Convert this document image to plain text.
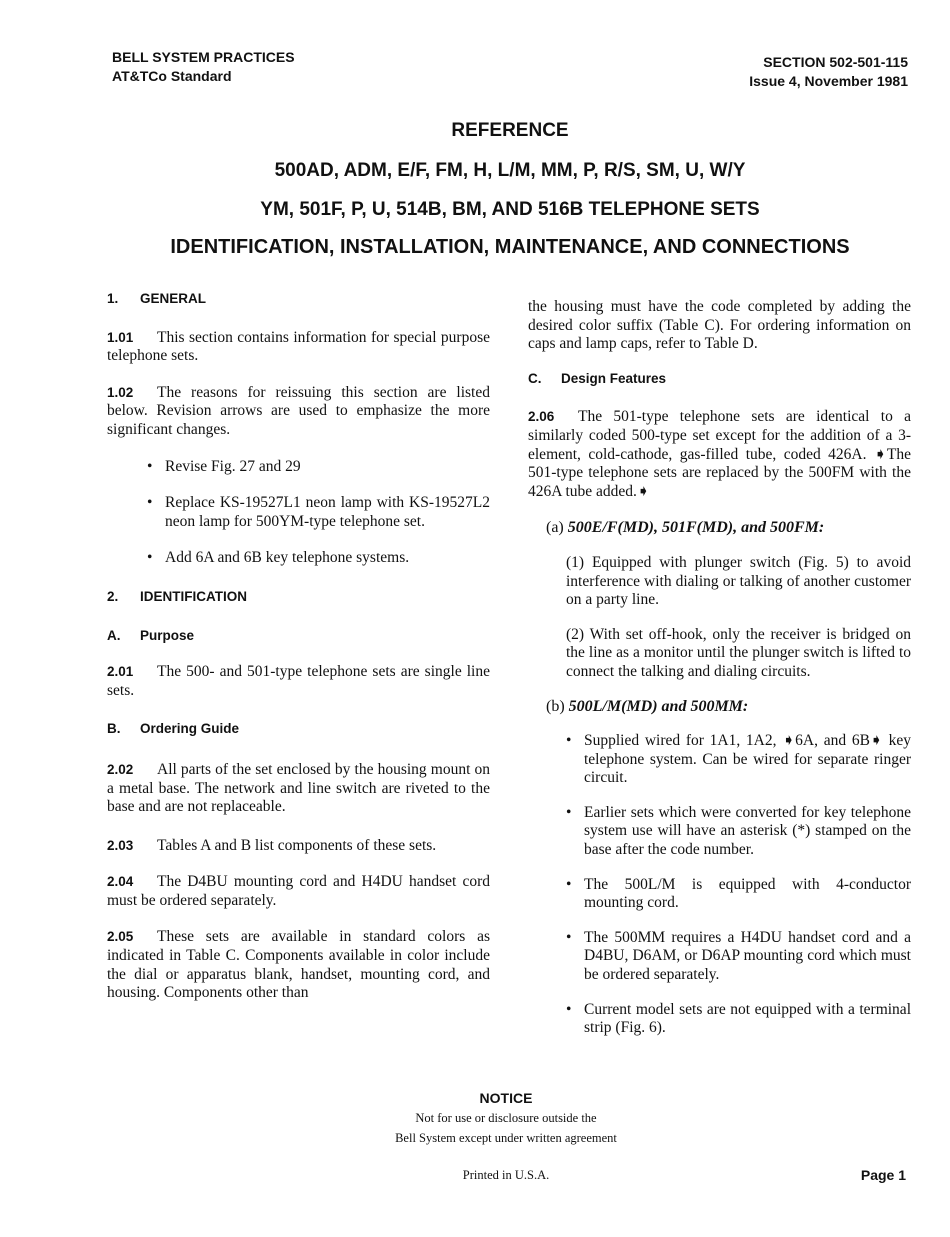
BELL SYSTEM PRACTICES
AT&TCo Standard
SECTION 502-501-115
Issue 4, November 1981
REFERENCE
500AD, ADM, E/F, FM, H, L/M, MM, P, R/S, SM, U, W/Y
YM, 501F, P, U, 514B, BM, AND 516B TELEPHONE SETS
IDENTIFICATION, INSTALLATION, MAINTENANCE, AND CONNECTIONS
1. GENERAL
1.01 This section contains information for special purpose telephone sets.
1.02 The reasons for reissuing this section are listed below. Revision arrows are used to emphasize the more significant changes.
• Revise Fig. 27 and 29
• Replace KS-19527L1 neon lamp with KS-19527L2 neon lamp for 500YM-type telephone set.
• Add 6A and 6B key telephone systems.
2. IDENTIFICATION
A. Purpose
2.01 The 500- and 501-type telephone sets are single line sets.
B. Ordering Guide
2.02 All parts of the set enclosed by the housing mount on a metal base. The network and line switch are riveted to the base and are not replaceable.
2.03 Tables A and B list components of these sets.
2.04 The D4BU mounting cord and H4DU handset cord must be ordered separately.
2.05 These sets are available in standard colors as indicated in Table C. Components available in color include the dial or apparatus blank, handset, mounting cord, and housing. Components other than
the housing must have the code completed by adding the desired color suffix (Table C). For ordering information on caps and lamp caps, refer to Table D.
C. Design Features
2.06 The 501-type telephone sets are identical to a similarly coded 500-type set except for the addition of a 3-element, cold-cathode, gas-filled tube, coded 426A. ➧The 501-type telephone sets are replaced by the 500FM with the 426A tube added.➧
(a) 500E/F(MD), 501F(MD), and 500FM:
(1) Equipped with plunger switch (Fig. 5) to avoid interference with dialing or talking of another customer on a party line.
(2) With set off-hook, only the receiver is bridged on the line as a monitor until the plunger switch is lifted to connect the talking and dialing circuits.
(b) 500L/M(MD) and 500MM:
• Supplied wired for 1A1, 1A2, ➧6A, and 6B➧ key telephone system. Can be wired for separate ringer circuit.
• Earlier sets which were converted for key telephone system use will have an asterisk (*) stamped on the base after the code number.
• The 500L/M is equipped with 4-conductor mounting cord.
• The 500MM requires a H4DU handset cord and a D4BU, D6AM, or D6AP mounting cord which must be ordered separately.
• Current model sets are not equipped with a terminal strip (Fig. 6).
NOTICE
Not for use or disclosure outside the
Bell System except under written agreement
Printed in U.S.A.	Page 1
